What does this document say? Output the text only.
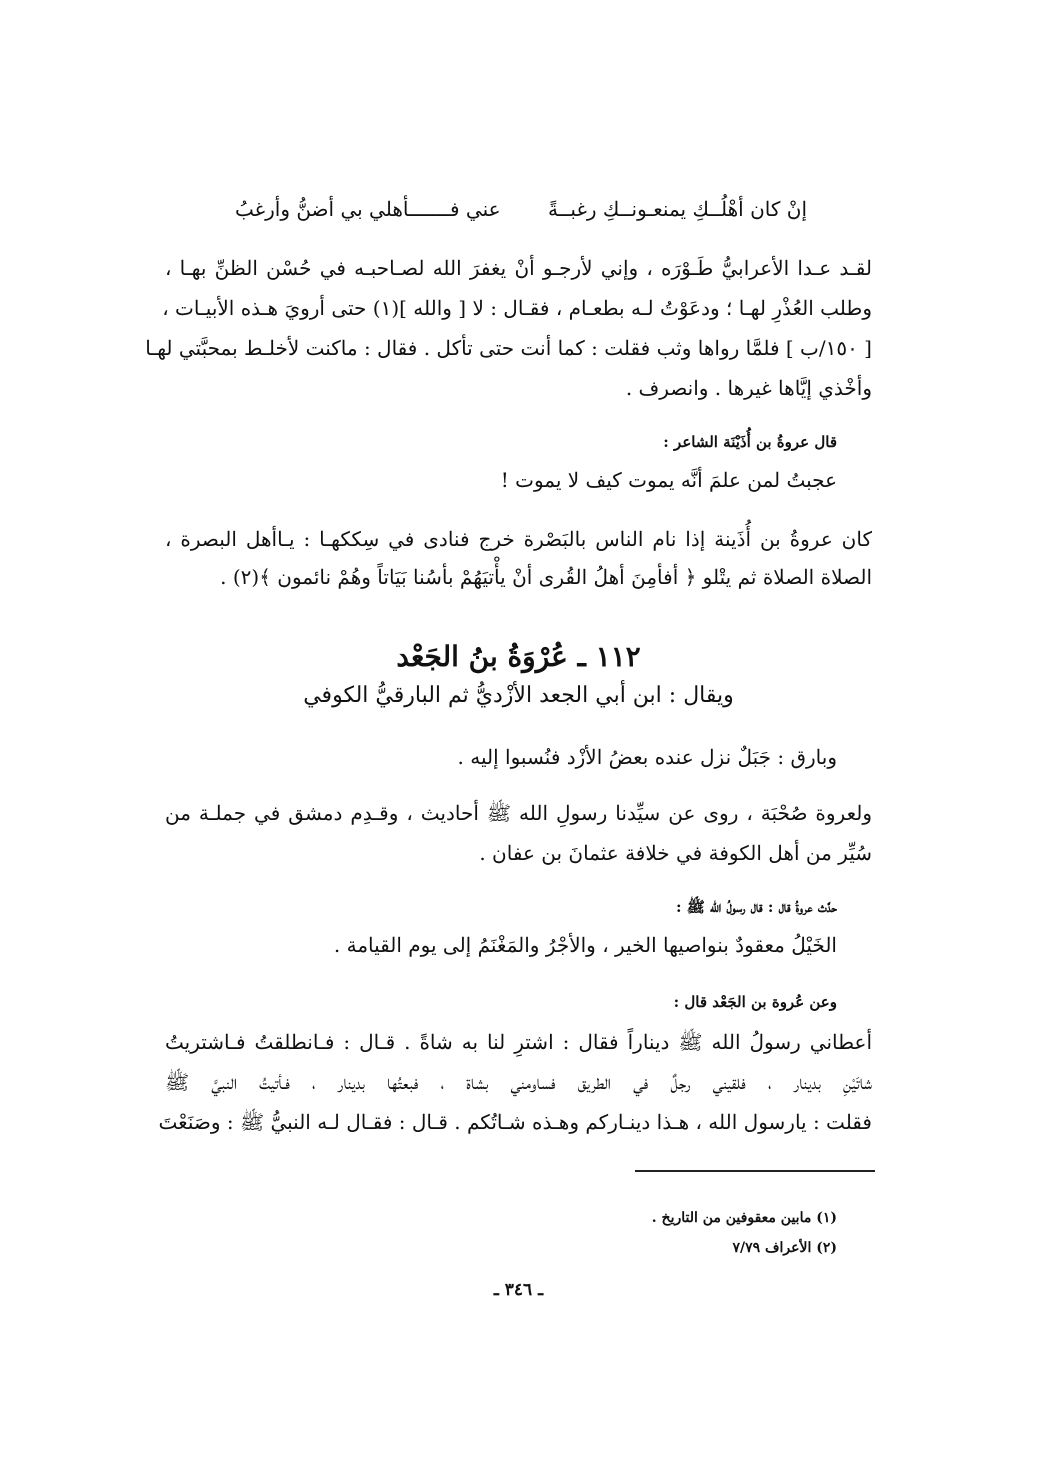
إنْ كان أهْلُــكِ يمنعـونــكِ رغبــةً
عني فـــــــأهلي بي أضنُّ وأرغبُ
لقـد عـدا الأعرابيُّ طَـوْرَه ، وإني لأرجـو أنْ يغفرَ الله لصـاحبـه في حُسْن الظنِّ بهـا ،
وطلب العُذْرِ لهـا ؛ ودعَوْتُ لـه بطعـام ، فقـال : لا [ والله ](١) حتى أرويَ هـذه الأبيـات ،
[ ١٥٠/ب ] فلمَّا رواها وثب فقلت : كما أنت حتى تأكل . فقال : ماكنت لأخلـط بمحبَّتي لهـا
وأخْذي إيَّاها غيرها . وانصرف .
قال عروةُ بن أُذَيْنَة الشاعر :
عجبتُ لمن علمَ أنَّه يموت كيف لا يموت !
كان عروةُ بن أُذَينة إذا نام الناس بالبَصْرة خرج فنادى في سِككهـا : يـاأهل البصرة ،
الصلاة الصلاة ثم يتْلو ﴿ أفأمِنَ أهلُ القُرى أنْ يأْتيَهُمْ بأسُنا بَيَاتاً وهُمْ نائمون ﴾(٢) .
١١٢ ـ عُرْوَةُ بنُ الجَعْد
ويقال : ابن أبي الجعد الأزْديُّ ثم البارقيُّ الكوفي
وبارق : جَبَلٌ نزل عنده بعضُ الأزْد فنُسبوا إليه .
ولعروة صُحْبَة ، روى عن سيِّدنا رسولِ الله ﷺ أحاديث ، وقـدِم دمشق في جملـة من
سُيِّر من أهل الكوفة في خلافة عثمانَ بن عفان .
حدَّث عروةُ قال : قال رسولُ الله ﷺ :
الخَيْلُ معقودٌ بنواصيها الخير ، والأجْرُ والمَغْنَمُ إلى يوم القيامة .
وعن عُروة بن الجَعْد قال :
أعطاني رسولُ الله ﷺ ديناراً فقال : اشترِ لنا به شاةً . قـال : فـانطلقتُ فـاشتريتُ
شاتَيْنِ بدينار ، فلقيني رجلٌ في الطريق فساومني بشاة ، فبعتُها بدينار ، فـأتيتُ النبيَّ ﷺ
فقلت : يارسول الله ، هـذا دينـاركم وهـذه شـاتُكم . قـال : فقـال لـه النبيُّ ﷺ : وصَنَعْتَ
(١) مابين معقوفين من التاريخ .
(٢) الأعراف ٧/٧٩
ـ ٣٤٦ ـ
